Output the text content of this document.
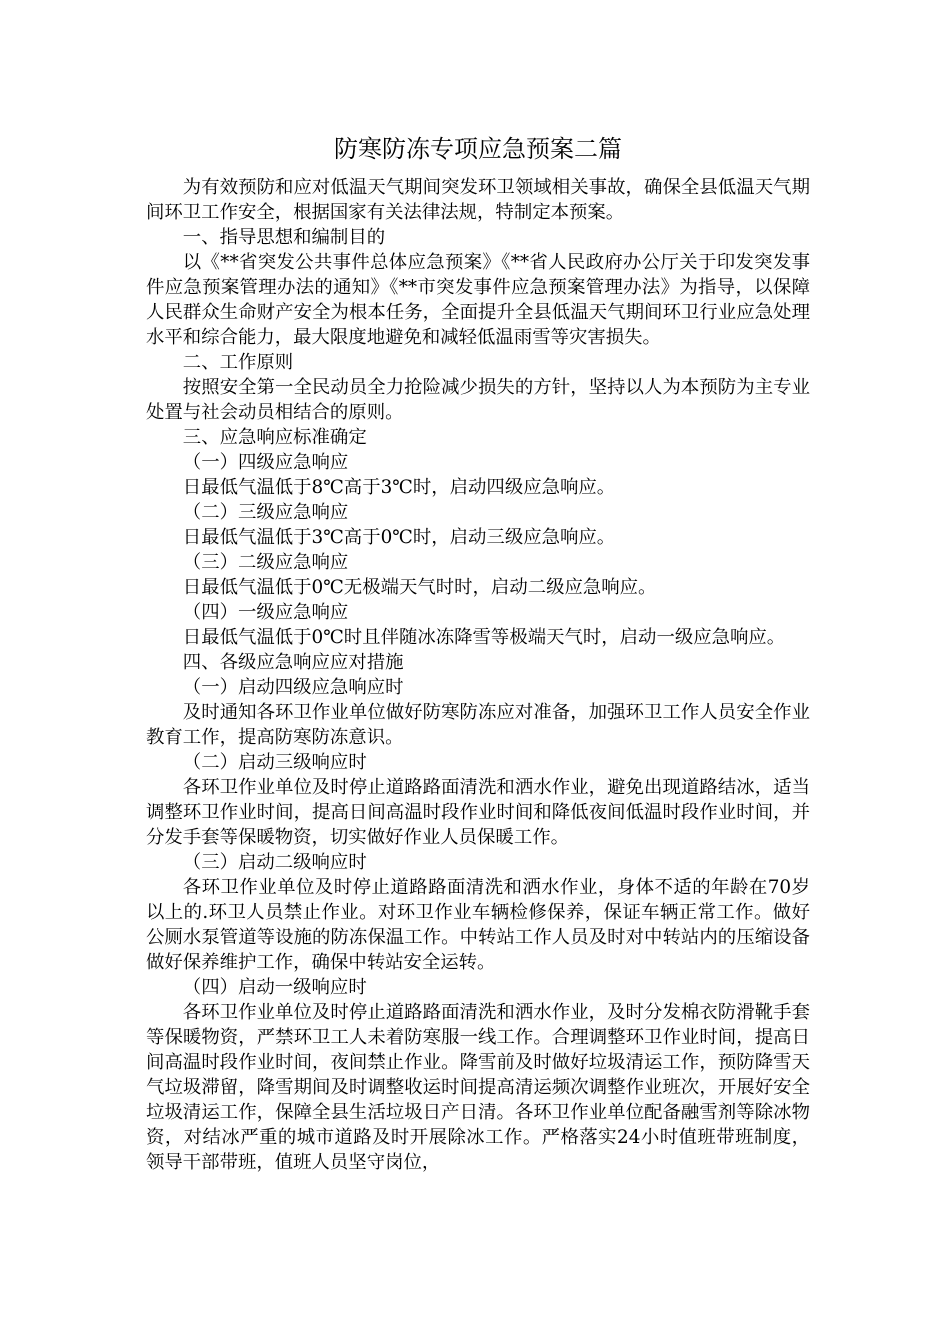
防寒防冻专项应急预案二篇

为有效预防和应对低温天气期间突发环卫领域相关事故，确保全县低温天气期间环卫工作安全，根据国家有关法律法规，特制定本预案。

一、指导思想和编制目的

以《**省突发公共事件总体应急预案》《**省人民政府办公厅关于印发突发事件应急预案管理办法的通知》《**市突发事件应急预案管理办法》为指导，以保障人民群众生命财产安全为根本任务，全面提升全县低温天气期间环卫行业应急处理水平和综合能力，最大限度地避免和减轻低温雨雪等灾害损失。

二、工作原则

按照安全第一全民动员全力抢险减少损失的方针，坚持以人为本预防为主专业处置与社会动员相结合的原则。

三、应急响应标准确定

（一）四级应急响应

日最低气温低于8℃高于3℃时，启动四级应急响应。

（二）三级应急响应

日最低气温低于3℃高于0℃时，启动三级应急响应。

（三）二级应急响应

日最低气温低于0℃无极端天气时时，启动二级应急响应。

（四）一级应急响应

日最低气温低于0℃时且伴随冰冻降雪等极端天气时，启动一级应急响应。

四、各级应急响应应对措施

（一）启动四级应急响应时

及时通知各环卫作业单位做好防寒防冻应对准备，加强环卫工作人员安全作业教育工作，提高防寒防冻意识。

（二）启动三级响应时

各环卫作业单位及时停止道路路面清洗和洒水作业，避免出现道路结冰，适当调整环卫作业时间，提高日间高温时段作业时间和降低夜间低温时段作业时间，并分发手套等保暖物资，切实做好作业人员保暖工作。

（三）启动二级响应时

各环卫作业单位及时停止道路路面清洗和洒水作业，身体不适的年龄在70岁以上的.环卫人员禁止作业。对环卫作业车辆检修保养，保证车辆正常工作。做好公厕水泵管道等设施的防冻保温工作。中转站工作人员及时对中转站内的压缩设备做好保养维护工作，确保中转站安全运转。

（四）启动一级响应时

各环卫作业单位及时停止道路路面清洗和洒水作业，及时分发棉衣防滑靴手套等保暖物资，严禁环卫工人未着防寒服一线工作。合理调整环卫作业时间，提高日间高温时段作业时间，夜间禁止作业。降雪前及时做好垃圾清运工作，预防降雪天气垃圾滞留，降雪期间及时调整收运时间提高清运频次调整作业班次，开展好安全垃圾清运工作，保障全县生活垃圾日产日清。各环卫作业单位配备融雪剂等除冰物资，对结冰严重的城市道路及时开展除冰工作。严格落实24小时值班带班制度，领导干部带班，值班人员坚守岗位，
